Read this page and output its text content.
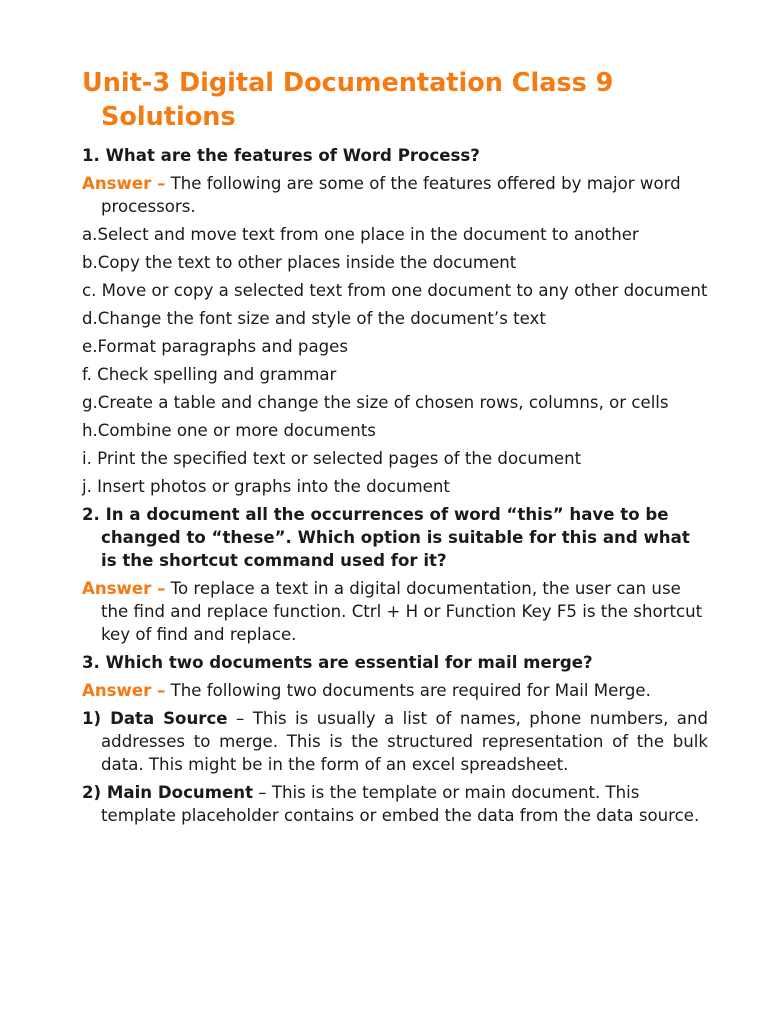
Unit-3 Digital Documentation Class 9 Solutions

1. What are the features of Word Process?

Answer – The following are some of the features offered by major word processors.

a.Select and move text from one place in the document to another

b.Copy the text to other places inside the document

c. Move or copy a selected text from one document to any other document

d.Change the font size and style of the document’s text

e.Format paragraphs and pages

f. Check spelling and grammar

g.Create a table and change the size of chosen rows, columns, or cells

h.Combine one or more documents

i. Print the specified text or selected pages of the document

j. Insert photos or graphs into the document

2. In a document all the occurrences of word “this” have to be changed to “these”. Which option is suitable for this and what is the shortcut command used for it?

Answer – To replace a text in a digital documentation, the user can use the find and replace function. Ctrl + H or Function Key F5 is the shortcut key of find and replace.

3. Which two documents are essential for mail merge?

Answer – The following two documents are required for Mail Merge.

1) Data Source – This is usually a list of names, phone numbers, and addresses to merge. This is the structured representation of the bulk data. This might be in the form of an excel spreadsheet.

2) Main Document – This is the template or main document. This template placeholder contains or embed the data from the data source.
